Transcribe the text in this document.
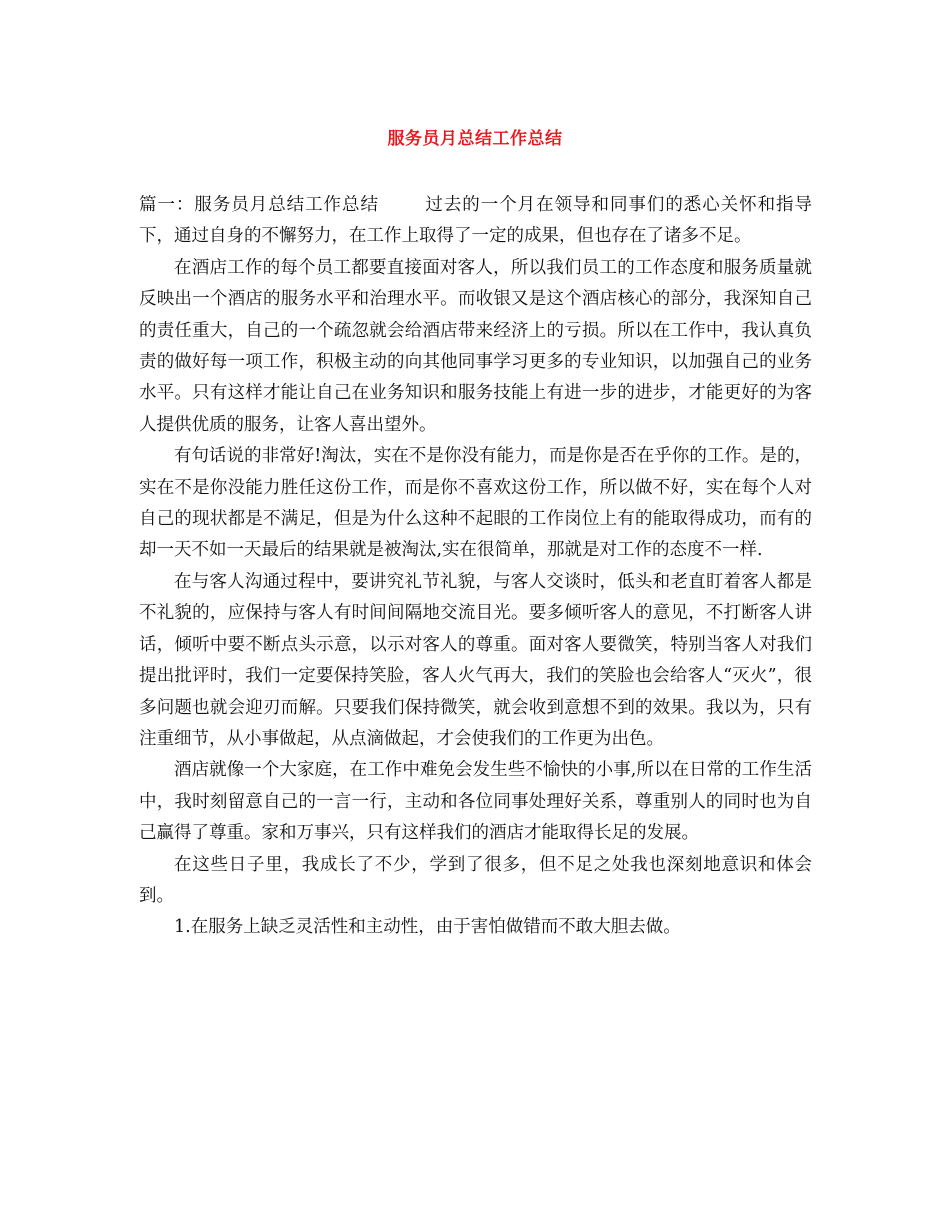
服务员月总结工作总结

篇一：服务员月总结工作总结	过去的一个月在领导和同事们的悉心关怀和指导下，通过自身的不懈努力，在工作上取得了一定的成果，但也存在了诸多不足。

在酒店工作的每个员工都要直接面对客人，所以我们员工的工作态度和服务质量就反映出一个酒店的服务水平和治理水平。而收银又是这个酒店核心的部分，我深知自己的责任重大，自己的一个疏忽就会给酒店带来经济上的亏损。所以在工作中，我认真负责的做好每一项工作，积极主动的向其他同事学习更多的专业知识，以加强自己的业务水平。只有这样才能让自己在业务知识和服务技能上有进一步的进步，才能更好的为客人提供优质的服务，让客人喜出望外。

有句话说的非常好!淘汰，实在不是你没有能力，而是你是否在乎你的工作。是的，实在不是你没能力胜任这份工作，而是你不喜欢这份工作，所以做不好，实在每个人对自己的现状都是不满足，但是为什么这种不起眼的工作岗位上有的能取得成功，而有的却一天不如一天最后的结果就是被淘汰,实在很简单，那就是对工作的态度不一样.

在与客人沟通过程中，要讲究礼节礼貌，与客人交谈时，低头和老直盯着客人都是不礼貌的，应保持与客人有时间间隔地交流目光。要多倾听客人的意见，不打断客人讲话，倾听中要不断点头示意，以示对客人的尊重。面对客人要微笑，特别当客人对我们提出批评时，我们一定要保持笑脸，客人火气再大，我们的笑脸也会给客人“灭火”，很多问题也就会迎刃而解。只要我们保持微笑，就会收到意想不到的效果。我以为，只有注重细节，从小事做起，从点滴做起，才会使我们的工作更为出色。

酒店就像一个大家庭，在工作中难免会发生些不愉快的小事,所以在日常的工作生活中，我时刻留意自己的一言一行，主动和各位同事处理好关系，尊重别人的同时也为自己赢得了尊重。家和万事兴，只有这样我们的酒店才能取得长足的发展。

在这些日子里，我成长了不少，学到了很多，但不足之处我也深刻地意识和体会到。

1.在服务上缺乏灵活性和主动性，由于害怕做错而不敢大胆去做。
